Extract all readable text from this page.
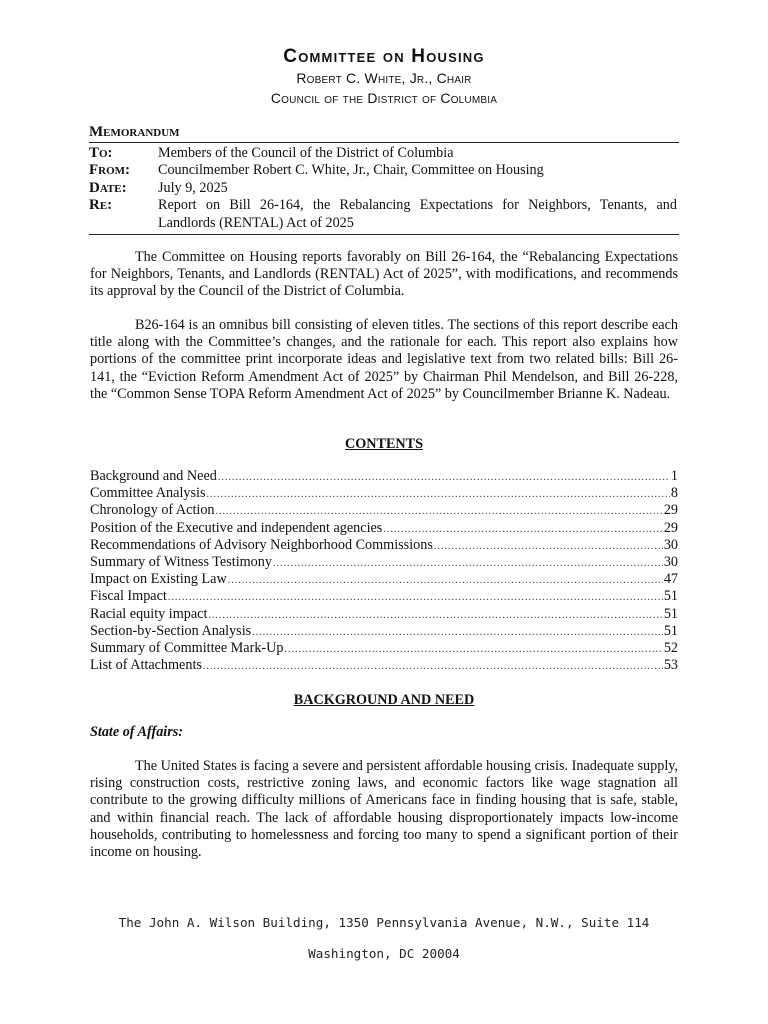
Committee on Housing
Robert C. White, Jr., Chair
Council of the District of Columbia
Memorandum
To:	Members of the Council of the District of Columbia
From: Councilmember Robert C. White, Jr., Chair, Committee on Housing
Date: July 9, 2025
Re:	Report on Bill 26-164, the Rebalancing Expectations for Neighbors, Tenants, and Landlords (RENTAL) Act of 2025

The Committee on Housing reports favorably on Bill 26-164, the “Rebalancing Expectations for Neighbors, Tenants, and Landlords (RENTAL) Act of 2025”, with modifications, and recommends its approval by the Council of the District of Columbia.

B26-164 is an omnibus bill consisting of eleven titles. The sections of this report describe each title along with the Committee’s changes, and the rationale for each. This report also explains how portions of the committee print incorporate ideas and legislative text from two related bills: Bill 26-141, the “Eviction Reform Amendment Act of 2025” by Chairman Phil Mendelson, and Bill 26-228, the “Common Sense TOPA Reform Amendment Act of 2025” by Councilmember Brianne K. Nadeau.

CONTENTS
Background and Need .....	1
Committee Analysis .....	8
Chronology of Action .....	29
Position of the Executive and independent agencies .....	29
Recommendations of Advisory Neighborhood Commissions .....	30
Summary of Witness Testimony .....	30
Impact on Existing Law .....	47
Fiscal Impact .....	51
Racial equity impact .....	51
Section-by-Section Analysis .....	51
Summary of Committee Mark-Up .....	52
List of Attachments .....	53
BACKGROUND AND NEED
State of Affairs:

The United States is facing a severe and persistent affordable housing crisis. Inadequate supply, rising construction costs, restrictive zoning laws, and economic factors like wage stagnation all contribute to the growing difficulty millions of Americans face in finding housing that is safe, stable, and within financial reach. The lack of affordable housing disproportionately impacts low-income households, contributing to homelessness and forcing too many to spend a significant portion of their income on housing.

The John A. Wilson Building, 1350 Pennsylvania Avenue, N.W., Suite 114
Washington, DC 20004
